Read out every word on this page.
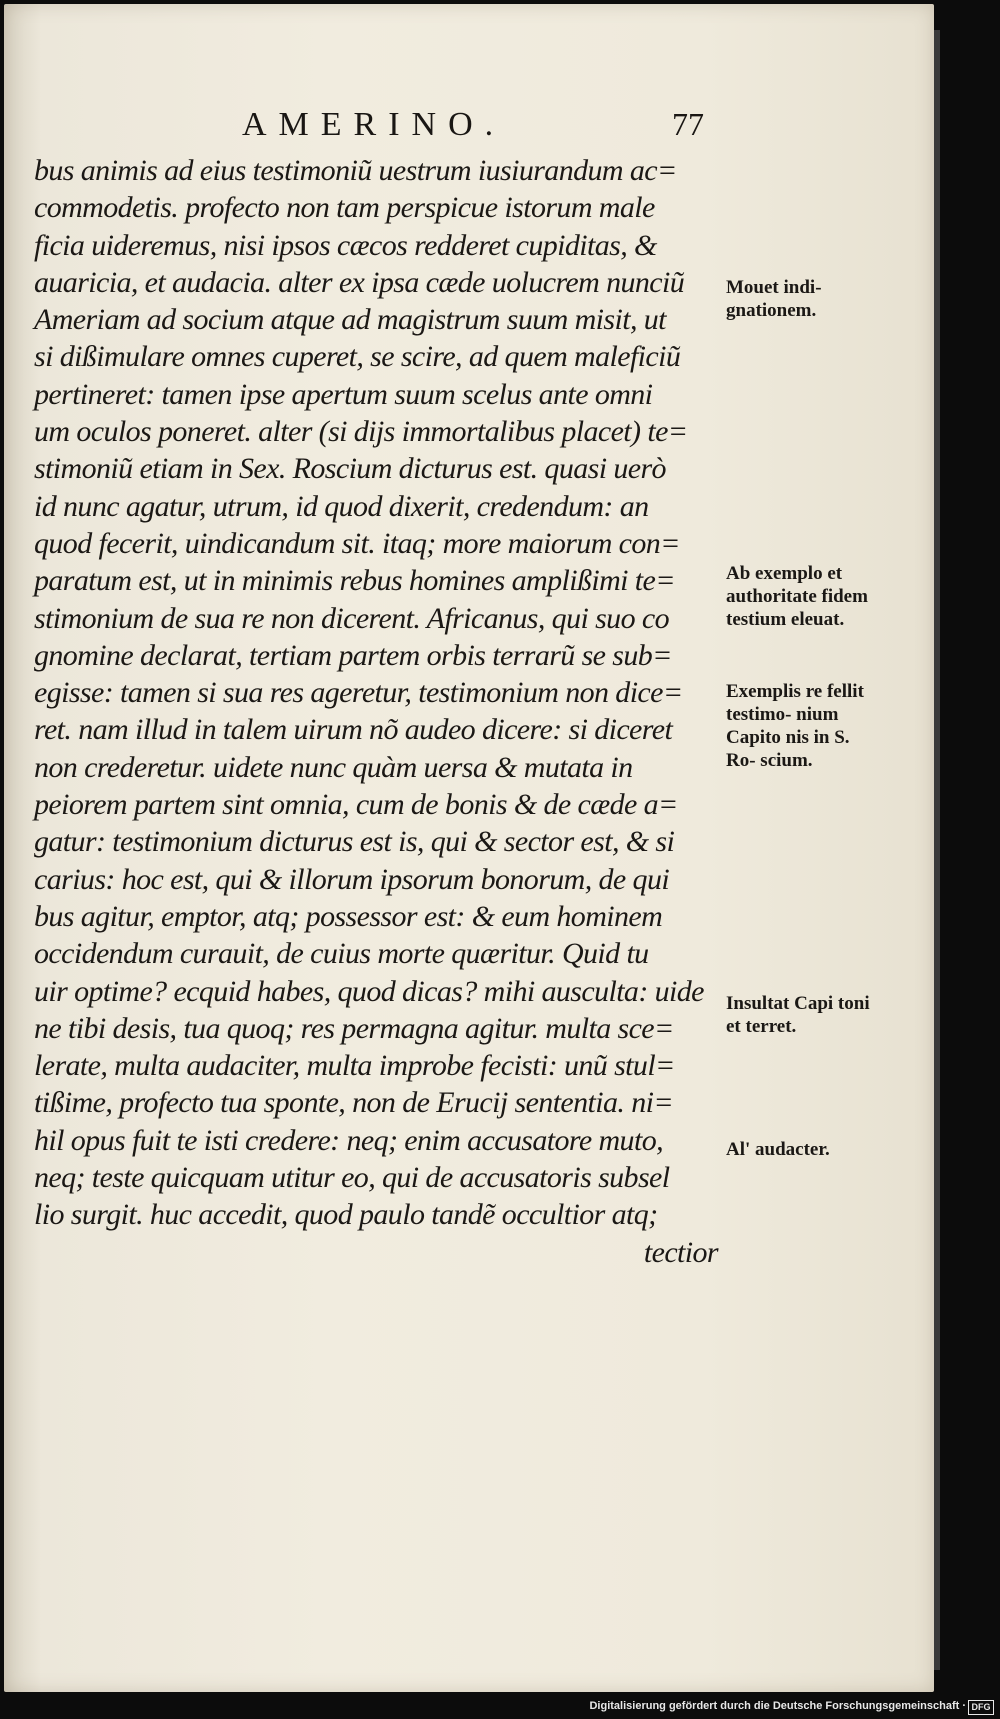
AMERINO.	77
bus animis ad eius testimoniũ uestrum iusiurandum ac=
commodetis. profecto non tam perspicue istorum male
ficia uideremus, nisi ipsos cæcos redderet cupiditas, &
auaricia, et audacia. alter ex ipsa cæde uolucrem nunciũ
Ameriam ad socium atque ad magistrum suum misit, ut
si dißimulare omnes cuperet, se scire, ad quem maleficiũ
pertineret: tamen ipse apertum suum scelus ante omni
um oculos poneret. alter (si dijs immortalibus placet) te=
stimoniũ etiam in Sex. Roscium dicturus est. quasi uerò
id nunc agatur, utrum, id quod dixerit, credendum: an
quod fecerit, uindicandum sit. itaq; more maiorum con=
paratum est, ut in minimis rebus homines amplißimi te=
stimonium de sua re non dicerent. Africanus, qui suo co
gnomine declarat, tertiam partem orbis terrarũ se sub=
egisse: tamen si sua res ageretur, testimonium non dice=
ret. nam illud in talem uirum nõ audeo dicere: si diceret
non crederetur. uidete nunc quàm uersa & mutata in
peiorem partem sint omnia, cum de bonis & de cæde a=
gatur: testimonium dicturus est is, qui & sector est, & si
carius: hoc est, qui & illorum ipsorum bonorum, de qui
bus agitur, emptor, atq; possessor est: & eum hominem
occidendum curauit, de cuius morte quæritur. Quid tu
uir optime? ecquid habes, quod dicas? mihi ausculta: uide
ne tibi desis, tua quoq; res permagna agitur. multa sce=
lerate, multa audaciter, multa improbe fecisti: unũ stul=
tißime, profecto tua sponte, non de Erucij sententia. ni=
hil opus fuit te isti credere: neq; enim accusatore muto,
neq; teste quicquam utitur eo, qui de accusatoris subsel
lio surgit. huc accedit, quod paulo tandẽ occultior atq;
tectior
Mouet indi- gnationem.
Ab exemplo et authoritate fidem testium eleuat.
Exemplis re fellit testimo- nium Capito nis in S. Ro- scium.
Insultat Capi toni et terret.
Al' audacter.
Digitalisierung gefördert durch die Deutsche Forschungsgemeinschaft · DFG
